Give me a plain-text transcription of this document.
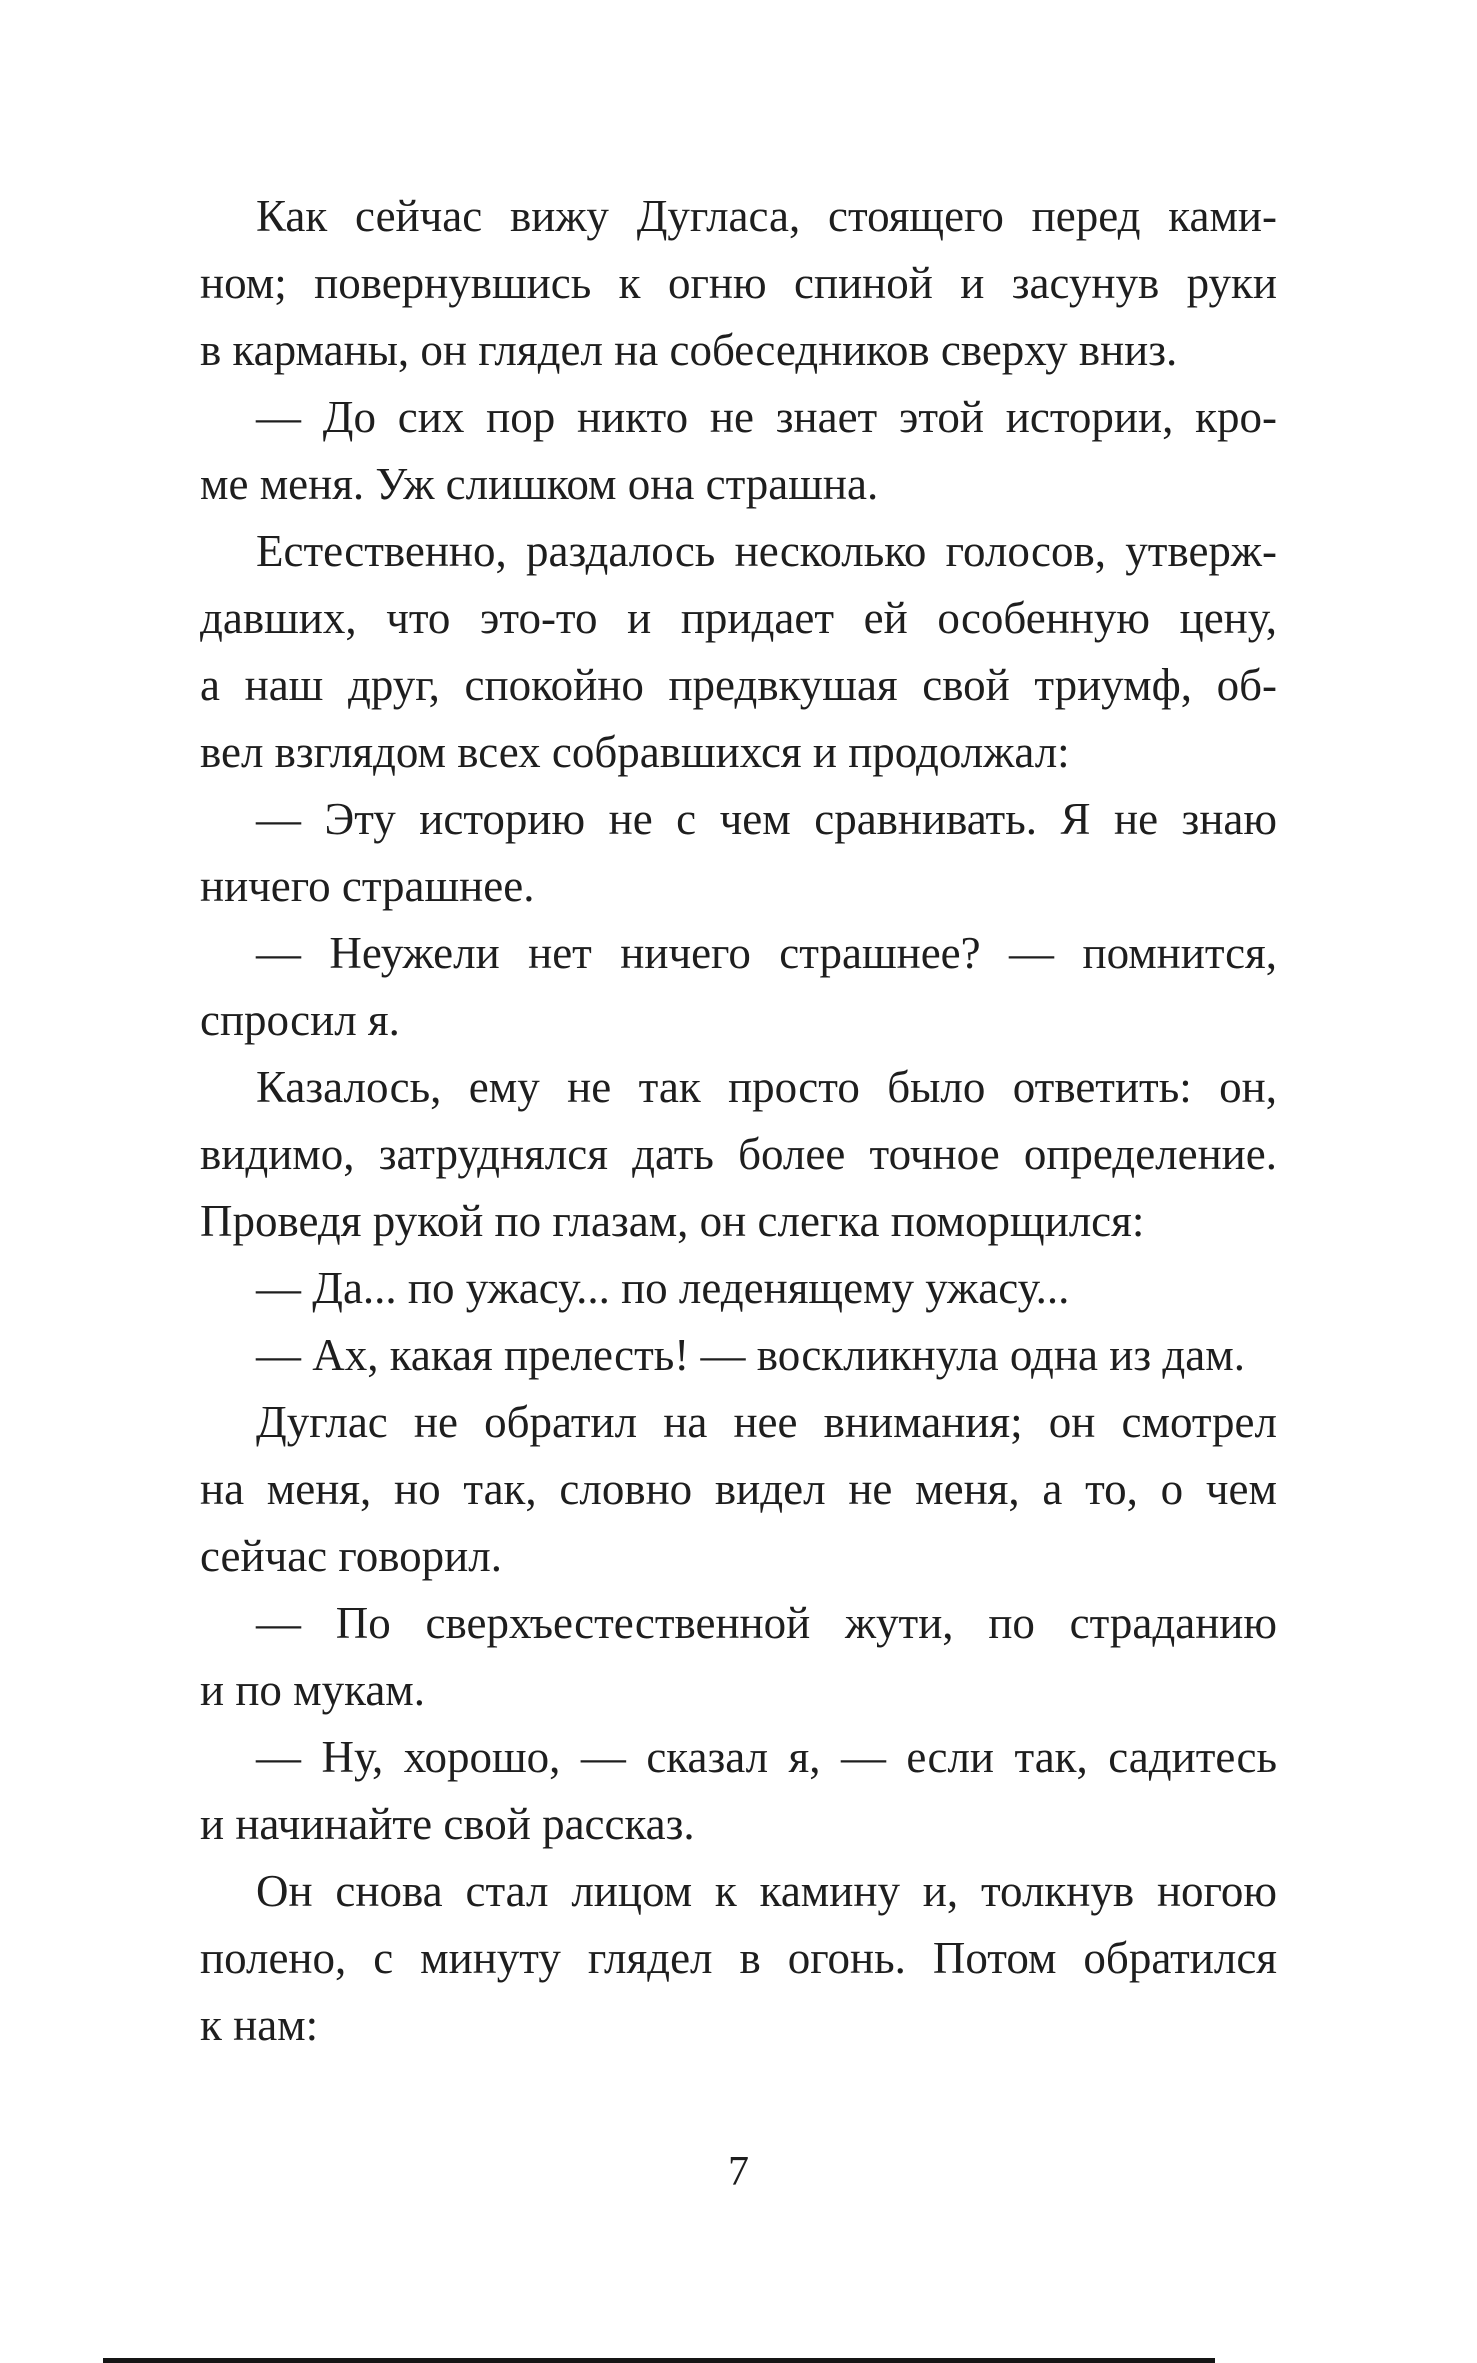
Как сейчас вижу Дугласа, стоящего перед ками-
ном; повернувшись к огню спиной и засунув руки
в карманы, он глядел на собеседников сверху вниз.
— До сих пор никто не знает этой истории, кро-
ме меня. Уж слишком она страшна.
Естественно, раздалось несколько голосов, утверж-
давших, что это-то и придает ей особенную цену,
а наш друг, спокойно предвкушая свой триумф, об-
вел взглядом всех собравшихся и продолжал:
— Эту историю не с чем сравнивать. Я не знаю
ничего страшнее.
— Неужели нет ничего страшнее? — помнится,
спросил я.
Казалось, ему не так просто было ответить: он,
видимо, затруднялся дать более точное определение.
Проведя рукой по глазам, он слегка поморщился:
— Да... по ужасу... по леденящему ужасу...
— Ах, какая прелесть! — воскликнула одна из дам.
Дуглас не обратил на нее внимания; он смотрел
на меня, но так, словно видел не меня, а то, о чем
сейчас говорил.
— По сверхъестественной жути, по страданию
и по мукам.
— Ну, хорошо, — сказал я, — если так, садитесь
и начинайте свой рассказ.
Он снова стал лицом к камину и, толкнув ногою
полено, с минуту глядел в огонь. Потом обратился
к нам:
7
